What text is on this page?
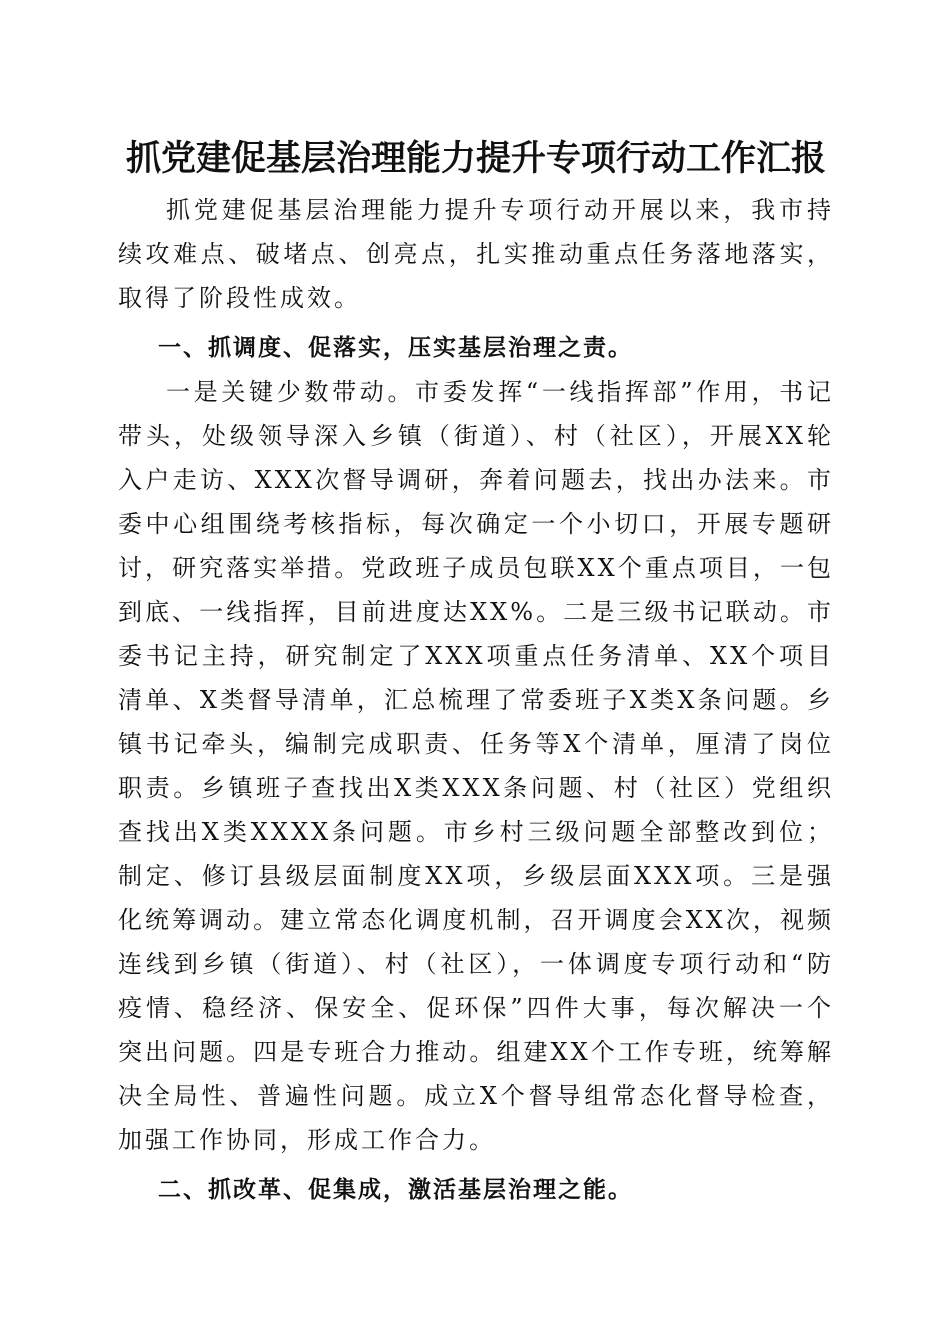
抓党建促基层治理能力提升专项行动工作汇报

抓党建促基层治理能力提升专项行动开展以来，我市持续攻难点、破堵点、创亮点，扎实推动重点任务落地落实，取得了阶段性成效。

一、抓调度、促落实，压实基层治理之责。

一是关键少数带动。市委发挥“一线指挥部”作用，书记带头，处级领导深入乡镇（街道）、村（社区），开展XX轮入户走访、XXX次督导调研，奔着问题去，找出办法来。市委中心组围绕考核指标，每次确定一个小切口，开展专题研讨，研究落实举措。党政班子成员包联XX个重点项目，一包到底、一线指挥，目前进度达XX%。二是三级书记联动。市委书记主持，研究制定了XXX项重点任务清单、XX个项目清单、X类督导清单，汇总梳理了常委班子X类X条问题。乡镇书记牵头，编制完成职责、任务等X个清单，厘清了岗位职责。乡镇班子查找出X类XXX条问题、村（社区）党组织查找出X类XXXX条问题。市乡村三级问题全部整改到位；制定、修订县级层面制度XX项，乡级层面XXX项。三是强化统筹调动。建立常态化调度机制，召开调度会XX次，视频连线到乡镇（街道）、村（社区），一体调度专项行动和“防疫情、稳经济、保安全、促环保”四件大事，每次解决一个突出问题。四是专班合力推动。组建XX个工作专班，统筹解决全局性、普遍性问题。成立X个督导组常态化督导检查，加强工作协同，形成工作合力。

二、抓改革、促集成，激活基层治理之能。
